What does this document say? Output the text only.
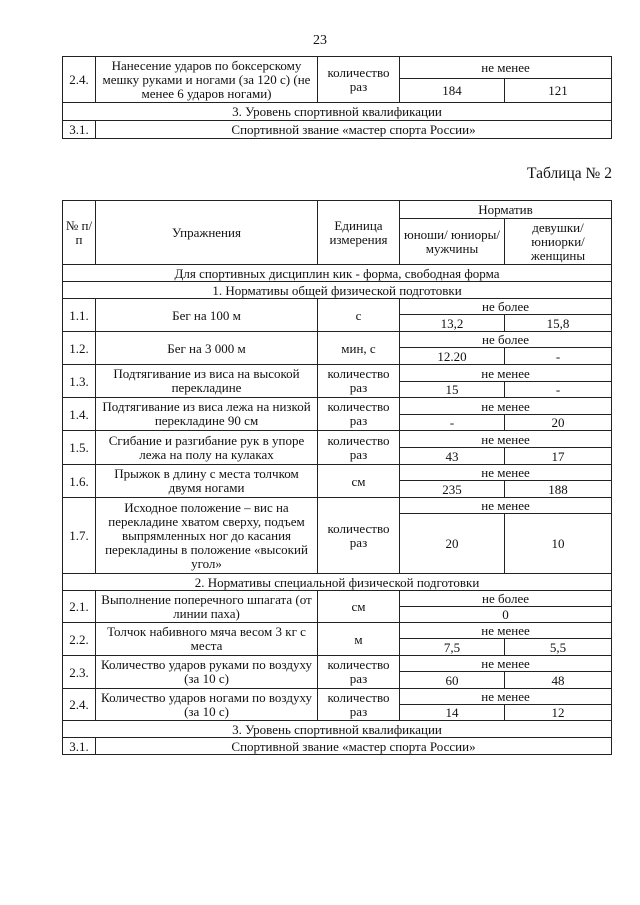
23
2.4.	Нанесение ударов по боксерскому мешку руками и ногами (за 120 с) (не менее 6 ударов ногами)	количество раз	не менее	
			184	121
3. Уровень спортивной квалификации				
3.1.	Спортивной звание «мастер спорта России»			
Таблица № 2
№ п/п	Упражнения	Единица измерения	Норматив	
			юноши/ юниоры/ мужчины	девушки/ юниорки/ женщины
Для спортивных дисциплин кик - форма, свободная форма				
1. Нормативы общей физической подготовки				
1.1.	Бег на 100 м	с	не более	
			13,2	15,8
1.2.	Бег на 3 000 м	мин, с	не более	
			12.20	-
1.3.	Подтягивание из виса на высокой перекладине	количество раз	не менее	
			15	-
1.4.	Подтягивание из виса лежа на низкой перекладине 90 см	количество раз	не менее	
			-	20
1.5.	Сгибание и разгибание рук в упоре лежа на полу на кулаках	количество раз	не менее	
			43	17
1.6.	Прыжок в длину с места толчком двумя ногами	см	не менее	
			235	188
1.7.	Исходное положение – вис на перекладине хватом сверху, подъем выпрямленных ног до касания перекладины в положение «высокий угол»	количество раз	не менее	
			20	10
2. Нормативы специальной физической подготовки				
2.1.	Выполнение поперечного шпагата (от линии паха)	см	не более	
			0	
2.2.	Толчок набивного мяча весом 3 кг с места	м	не менее	
			7,5	5,5
2.3.	Количество ударов руками по воздуху (за 10 с)	количество раз	не менее	
			60	48
2.4.	Количество ударов ногами по воздуху (за 10 с)	количество раз	не менее	
			14	12
3. Уровень спортивной квалификации				
3.1.	Спортивной звание «мастер спорта России»			
